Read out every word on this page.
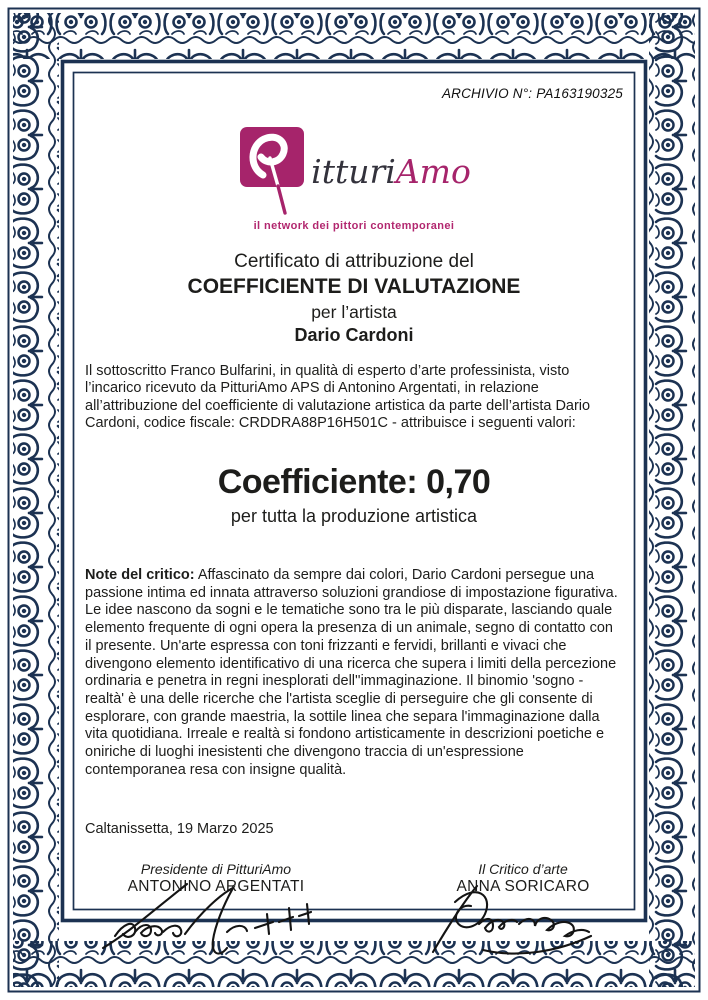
ARCHIVIO N°: PA163190325
itturiAmo
il network dei pittori contemporanei
Certificato di attribuzione del
COEFFICIENTE DI VALUTAZIONE
per l’artista
Dario Cardoni

Il sottoscritto Franco Bulfarini, in qualità di esperto d’arte professinista, visto l’incarico ricevuto da PitturiAmo APS di Antonino Argentati, in relazione all’attribuzione del coefficiente di valutazione artistica da parte dell’artista Dario Cardoni, codice fiscale: CRDDRA88P16H501C - attribuisce i seguenti valori:

Coefficiente: 0,70
per tutta la produzione artistica

Note del critico: Affascinato da sempre dai colori, Dario Cardoni persegue una passione intima ed innata attraverso soluzioni grandiose di impostazione figurativa. Le idee nascono da sogni e le tematiche sono tra le più disparate, lasciando quale elemento frequente di ogni opera la presenza di un animale, segno di contatto con il presente. Un'arte espressa con toni frizzanti e fervidi, brillanti e vivaci che divengono elemento identificativo di una ricerca che supera i limiti della percezione ordinaria e penetra in regni inesplorati dell''immaginazione. Il binomio 'sogno - realtà' è una delle ricerche che l'artista sceglie di perseguire che gli consente di esplorare, con grande maestria, la sottile linea che separa l'immaginazione dalla vita quotidiana. Irreale e realtà si fondono artisticamente in descrizioni poetiche e oniriche di luoghi inesistenti che divengono traccia di un'espressione contemporanea resa con insigne qualità.

Caltanissetta, 19 Marzo 2025
Presidente di PitturiAmo
ANTONINO ARGENTATI
Il Critico d’arte
ANNA SORICARO
